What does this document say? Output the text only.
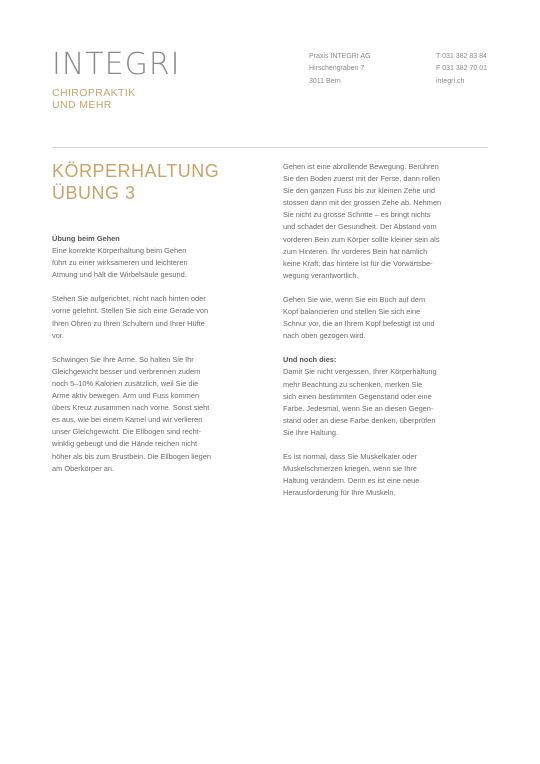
INTEGRI
CHIROPRAKTIK
UND MEHR
Praxis INTEGRI AG
Hirschengraben 7
3011 Bern
T 031 382 83 84
F 031 382 70 01
integri.ch
KÖRPERHALTUNG
ÜBUNG 3
Übung beim Gehen

Eine korrekte Körperhaltung beim Gehen
führt zu einer wirksameren und leichteren
Atmung und hält die Wirbelsäule gesund.

Stehen Sie aufgerichtet, nicht nach hinten oder
vorne gelehnt. Stellen Sie sich eine Gerade von
Ihren Ohren zu Ihren Schultern und Ihrer Hüfte
vor.

Schwingen Sie Ihre Arme. So halten Sie Ihr
Gleichgewicht besser und verbrennen zudem
noch 5–10% Kalorien zusätzlich, weil Sie die
Arme aktiv bewegen. Arm und Fuss kommen
übers Kreuz zusammen nach vorne. Sonst sieht
es aus, wie bei einem Kamel und wir verlieren
unser Gleichgewicht. Die Ellbogen sind recht-
winklig gebeugt und die Hände reichen nicht
höher als bis zum Brustbein. Die Ellbogen liegen
am Oberkörper an.

Gehen ist eine abrollende Bewegung. Berühren
Sie den Boden zuerst mit der Ferse, dann rollen
Sie den ganzen Fuss bis zur kleinen Zehe und
stossen dann mit der grossen Zehe ab. Nehmen
Sie nicht zu grosse Schritte – es bringt nichts
und schadet der Gesundheit. Der Abstand vom
vorderen Bein zum Körper sollte kleiner sein als
zum Hinteren. Ihr vorderes Bein hat nämlich
keine Kraft; das hintere ist für die Vorwärtsbe-
wegung verantwortlich.

Gehen Sie wie, wenn Sie ein Buch auf dem
Kopf balancieren und stellen Sie sich eine
Schnur vor, die an Ihrem Kopf befestigt ist und
nach oben gezogen wird.

Und noch dies:

Damit Sie nicht vergessen, Ihrer Körperhaltung
mehr Beachtung zu schenken, merken Sie
sich einen bestimmten Gegenstand oder eine
Farbe. Jedesmal, wenn Sie an diesen Gegen-
stand oder an diese Farbe denken, überprüfen
Sie Ihre Haltung.

Es ist normal, dass Sie Muskelkater oder
Muskelschmerzen kriegen, wenn sie Ihre
Haltung verändern. Denn es ist eine neue
Herausforderung für Ihre Muskeln.
